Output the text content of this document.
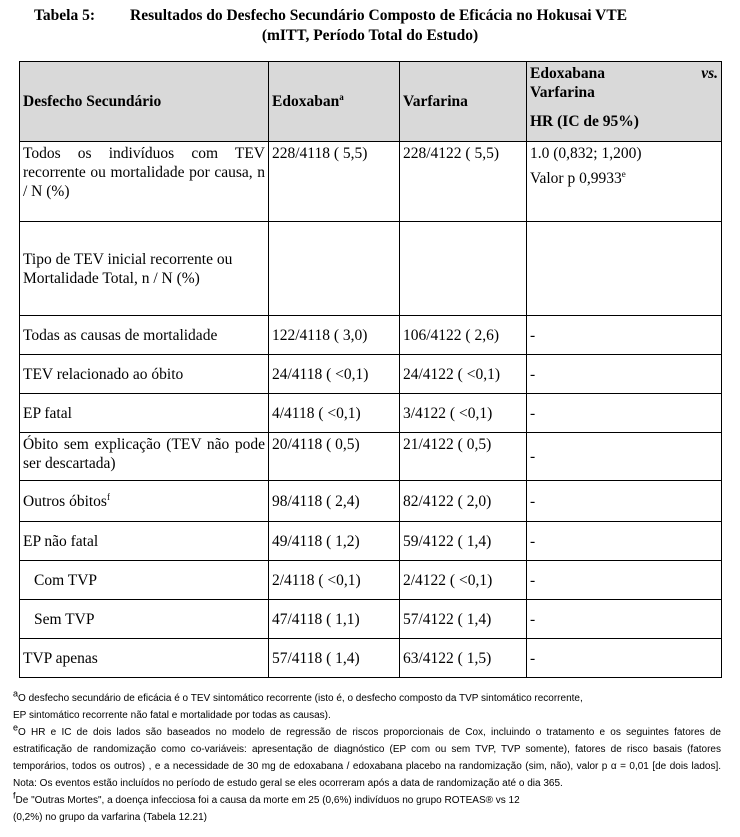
Tabela 5: Resultados do Desfecho Secundário Composto de Eficácia no Hokusai VTE
(mITT, Período Total do Estudo)
Desfecho Secundário	Edoxaban$^a$	Varfarina	vs.
Edoxabana
Varfarina
HR (IC de 95%)

Todos os indivíduos com TEV recorrente ou mortalidade por causa, n / N (%)	228/4118 ( 5,5)	228/4122 ( 5,5)	1.0 (0,832; 1,200)
Valor p 0,9933e

Tipo de TEV inicial recorrente ou Mortalidade Total, n / N (%)			
Todas as causas de mortalidade	122/4118 ( 3,0)	106/4122 ( 2,6)	-
TEV relacionado ao óbito	24/4118 ( <0,1)	24/4122 ( <0,1)	-
EP fatal	4/4118 ( <0,1)	3/4122 ( <0,1)	-
Óbito sem explicação (TEV não pode ser descartada)	20/4118 ( 0,5)	21/4122 ( 0,5)	-
Outros óbitos$^f$	98/4118 ( 2,4)	82/4122 ( 2,0)	-
EP não fatal	49/4118 ( 1,2)	59/4122 ( 1,4)	-
Com TVP	2/4118 ( <0,1)	2/4122 ( <0,1)	-
Sem TVP	47/4118 ( 1,1)	57/4122 ( 1,4)	-
TVP apenas	57/4118 ( 1,4)	63/4122 ( 1,5)	-

$^a$O desfecho secundário de eficácia é o TEV sintomático recorrente (isto é, o desfecho composto da TVP sintomático recorrente,

EP sintomático recorrente não fatal e mortalidade por todas as causas).

$^e$O HR e IC de dois lados são baseados no modelo de regressão de riscos proporcionais de Cox, incluindo o tratamento e os seguintes fatores de estratificação de randomização como co-variáveis: apresentação de diagnóstico (EP com ou sem TVP, TVP somente), fatores de risco basais (fatores temporários, todos os outros) , e a necessidade de 30 mg de edoxabana / edoxabana placebo na randomização (sim, não), valor p α = 0,01 [de dois lados]. Nota: Os eventos estão incluídos no período de estudo geral se eles ocorreram após a data de randomização até o dia 365.

$^f$De "Outras Mortes", a doença infecciosa foi a causa da morte em 25 (0,6%) indivíduos no grupo ROTEAS® vs 12

(0,2%) no grupo da varfarina (Tabela 12.21)
